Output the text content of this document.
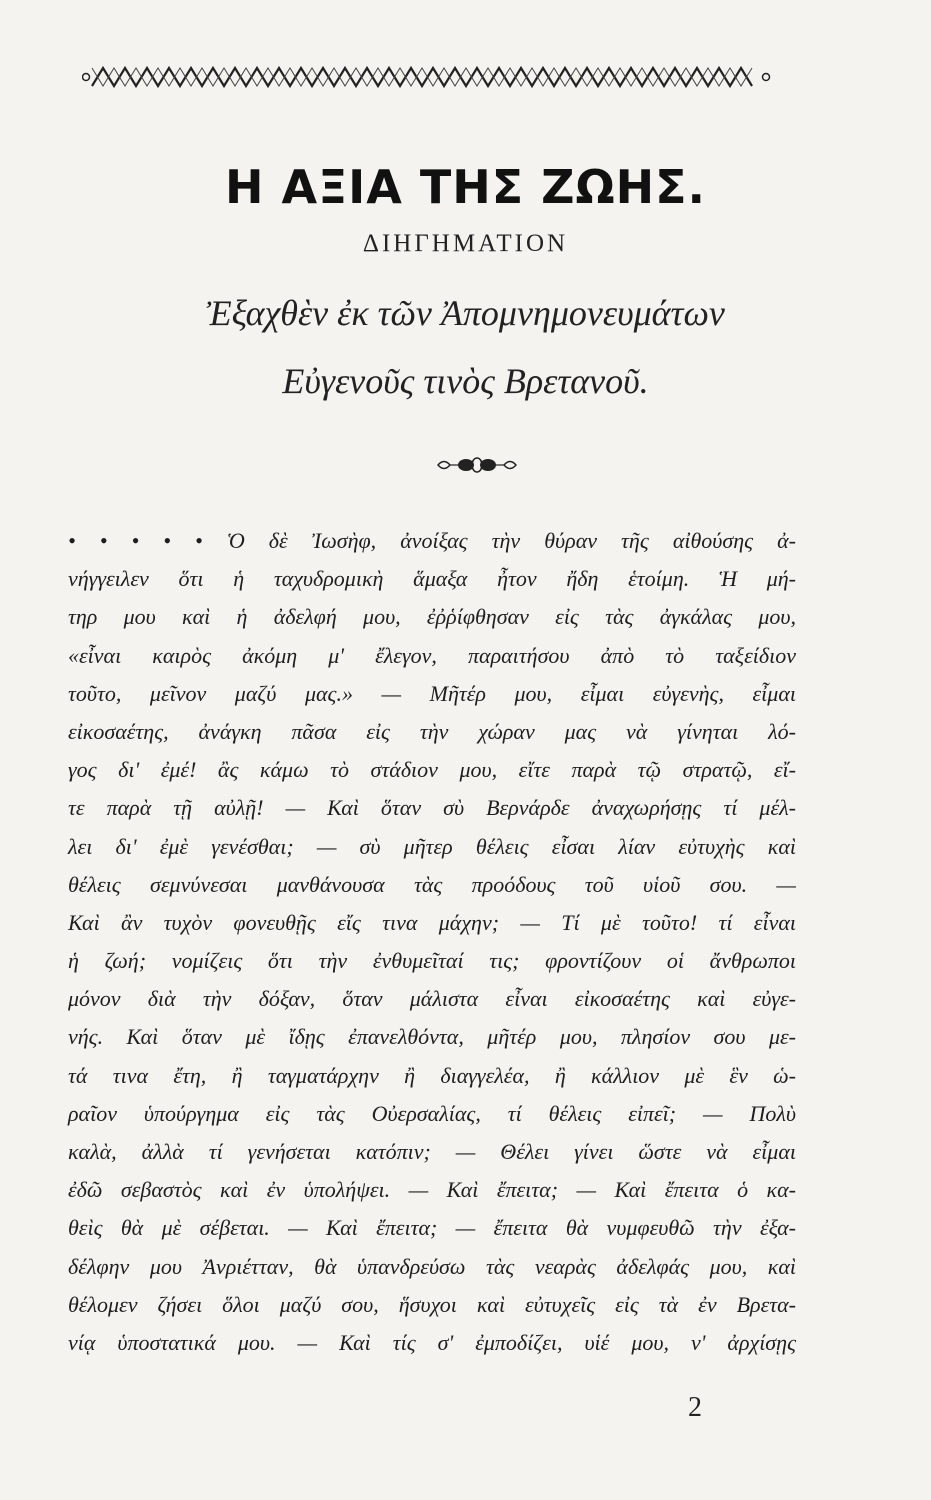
Η ΑΞΙΑ ΤΗΣ ΖΩΗΣ.
ΔΙΗΓΗΜΑΤΙΟΝ
Ἐξαχθὲν ἐκ τῶν Ἀπομνημονευμάτων
Εὐγενοῦς τινὸς Βρετανοῦ.
• • • • • Ὁ δὲ Ἰωσὴφ, ἀνοίξας τὴν θύραν τῆς αἰθούσης ἀ-
νήγγειλεν ὅτι ἡ ταχυδρομικὴ ἅμαξα ἦτον ἤδη ἑτοίμη. Ἡ μή-
τηρ μου καὶ ἡ ἀδελφή μου, ἐῤῥίφθησαν εἰς τὰς ἀγκάλας μου,
«εἶναι καιρὸς ἀκόμη μ' ἔλεγον, παραιτήσου ἀπὸ τὸ ταξείδιον
τοῦτο, μεῖνον μαζύ μας.» — Μῆτέρ μου, εἶμαι εὐγενὴς, εἶμαι
εἰκοσαέτης, ἀνάγκη πᾶσα εἰς τὴν χώραν μας νὰ γίνηται λό-
γος δι' ἐμέ! ἂς κάμω τὸ στάδιον μου, εἴτε παρὰ τῷ στρατῷ, εἴ-
τε παρὰ τῇ αὐλῇ! — Καὶ ὅταν σὺ Βερνάρδε ἀναχωρήσῃς τί μέλ-
λει δι' ἐμὲ γενέσθαι; — σὺ μῆτερ θέλεις εἶσαι λίαν εὐτυχὴς καὶ
θέλεις σεμνύνεσαι μανθάνουσα τὰς προόδους τοῦ υἱοῦ σου. —
Καὶ ἂν τυχὸν φονευθῇς εἴς τινα μάχην; — Τί μὲ τοῦτο! τί εἶναι
ἡ ζωή; νομίζεις ὅτι τὴν ἐνθυμεῖταί τις; φροντίζουν οἱ ἄνθρωποι
μόνον διὰ τὴν δόξαν, ὅταν μάλιστα εἶναι εἰκοσαέτης καὶ εὐγε-
νής. Καὶ ὅταν μὲ ἴδῃς ἐπανελθόντα, μῆτέρ μου, πλησίον σου με-
τά τινα ἔτη, ἢ ταγματάρχην ἢ διαγγελέα, ἢ κάλλιον μὲ ἓν ὡ-
ραῖον ὑπούργημα εἰς τὰς Οὐερσαλίας, τί θέλεις εἰπεῖ; — Πολὺ
καλὰ, ἀλλὰ τί γενήσεται κατόπιν; — Θέλει γίνει ὥστε νὰ εἶμαι
ἐδῶ σεβαστὸς καὶ ἐν ὑπολήψει. — Καὶ ἔπειτα; — Καὶ ἔπειτα ὁ κα-
θεὶς θὰ μὲ σέβεται. — Καὶ ἔπειτα; — ἔπειτα θὰ νυμφευθῶ τὴν ἐξα-
δέλφην μου Ἀνριέτταν, θὰ ὑπανδρεύσω τὰς νεαρὰς ἀδελφάς μου, καὶ
θέλομεν ζήσει ὅλοι μαζύ σου, ἥσυχοι καὶ εὐτυχεῖς εἰς τὰ ἐν Βρετα-
νίᾳ ὑποστατικά μου. — Καὶ τίς σ' ἐμποδίζει, υἱέ μου, ν' ἀρχίσῃς
2
